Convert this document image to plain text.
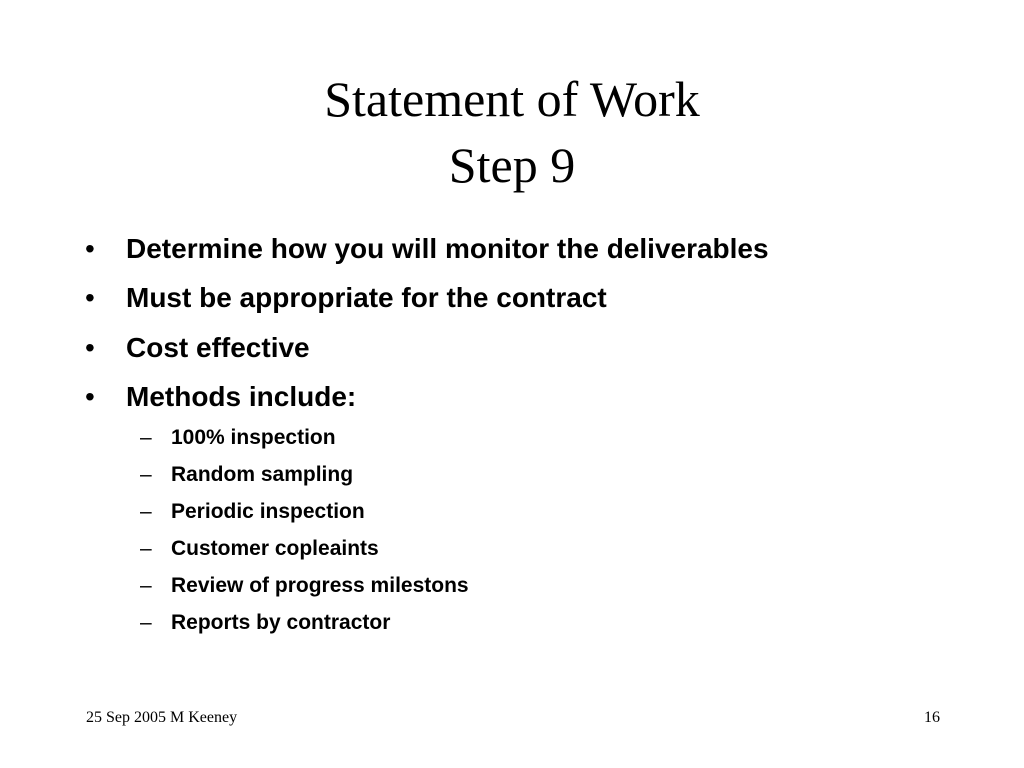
Statement of Work
Step 9
•	Determine how you will monitor the deliverables
•	Must be appropriate for the contract
•	Cost effective
•	Methods include:
– 100% inspection
– Random sampling
– Periodic inspection
– Customer copleaints
– Review of progress milestons
– Reports by contractor
25 Sep 2005 M Keeney	16
